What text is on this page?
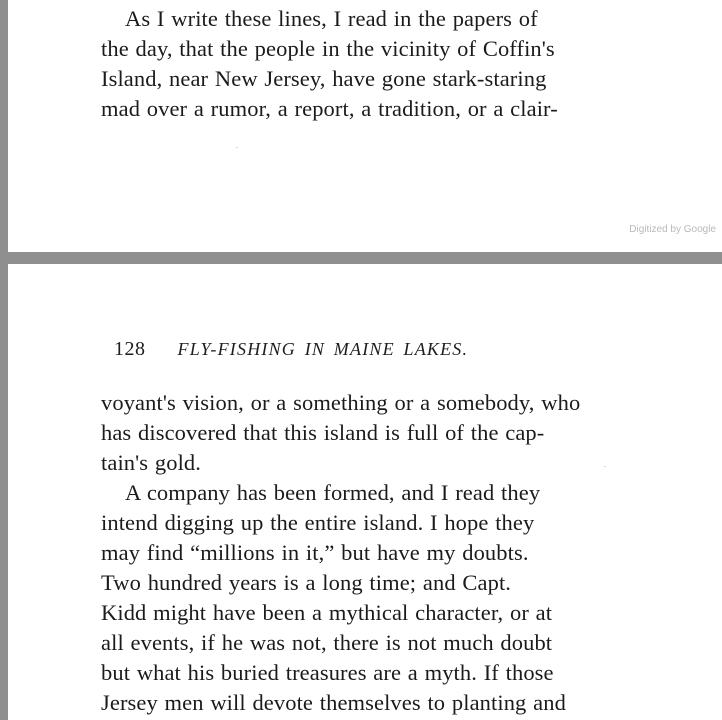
As I write these lines, I read in the papers of
the day, that the people in the vicinity of Coffin's
Island, near New Jersey, have gone stark-staring
mad over a rumor, a report, a tradition, or a clair-
Digitized by Google
128 FLY-FISHING IN MAINE LAKES.
voyant's vision, or a something or a somebody, who
has discovered that this island is full of the cap-
tain's gold.
A company has been formed, and I read they
intend digging up the entire island. I hope they
may find “millions in it,” but have my doubts.
Two hundred years is a long time; and Capt.
Kidd might have been a mythical character, or at
all events, if he was not, there is not much doubt
but what his buried treasures are a myth. If those
Jersey men will devote themselves to planting and
